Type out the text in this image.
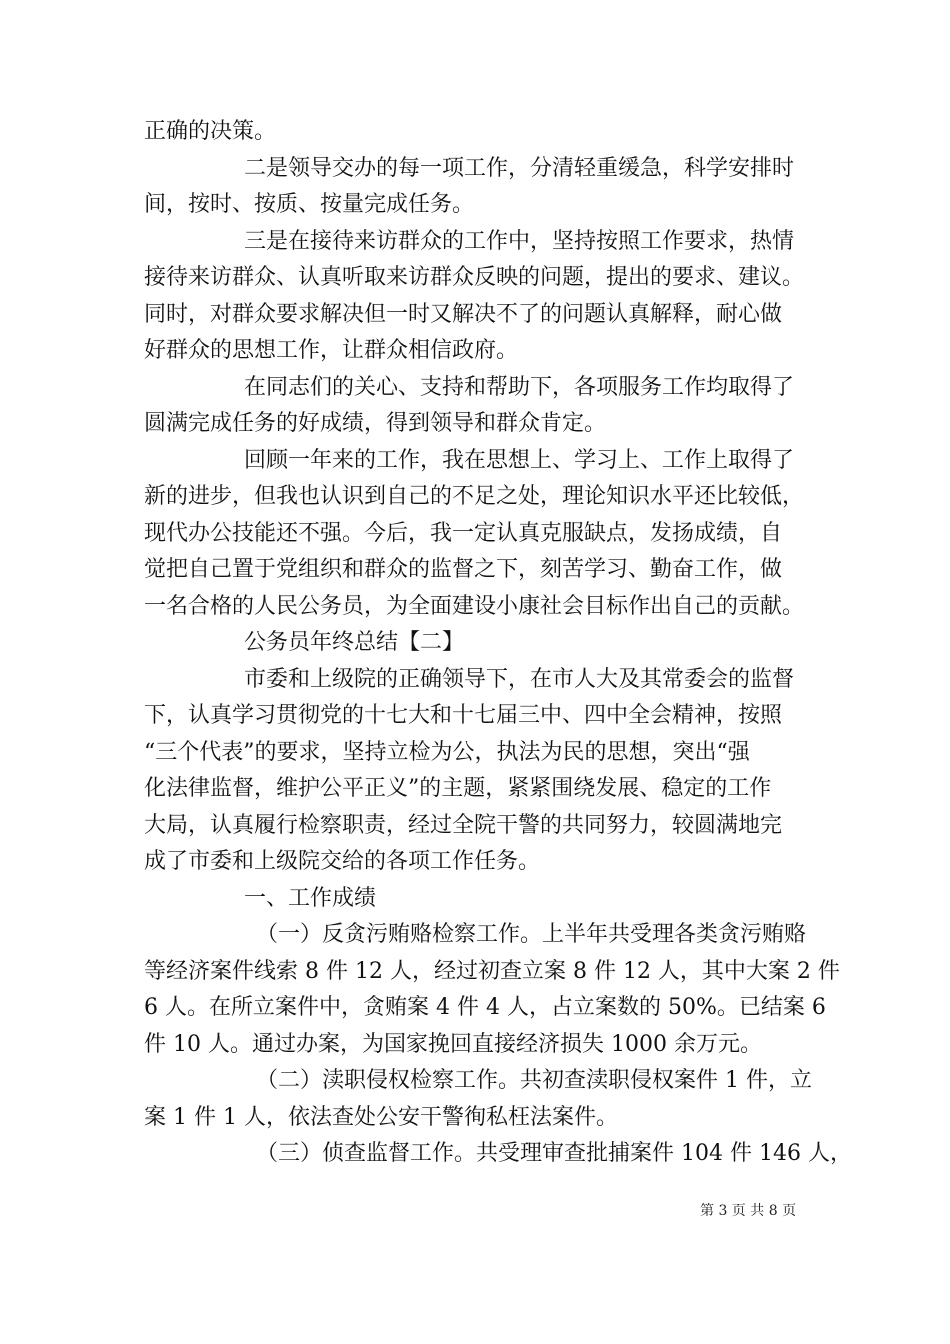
正确的决策。
二是领导交办的每一项工作，分清轻重缓急，科学安排时
间，按时、按质、按量完成任务。
三是在接待来访群众的工作中，坚持按照工作要求，热情
接待来访群众、认真听取来访群众反映的问题，提出的要求、建议。
同时，对群众要求解决但一时又解决不了的问题认真解释，耐心做
好群众的思想工作，让群众相信政府。
在同志们的关心、支持和帮助下，各项服务工作均取得了
圆满完成任务的好成绩，得到领导和群众肯定。
回顾一年来的工作，我在思想上、学习上、工作上取得了
新的进步，但我也认识到自己的不足之处，理论知识水平还比较低，
现代办公技能还不强。今后，我一定认真克服缺点，发扬成绩，自
觉把自己置于党组织和群众的监督之下，刻苦学习、勤奋工作，做
一名合格的人民公务员，为全面建设小康社会目标作出自己的贡献。
公务员年终总结【二】
市委和上级院的正确领导下，在市人大及其常委会的监督
下，认真学习贯彻党的十七大和十七届三中、四中全会精神，按照
“三个代表”的要求，坚持立检为公，执法为民的思想，突出“强
化法律监督，维护公平正义”的主题，紧紧围绕发展、稳定的工作
大局，认真履行检察职责，经过全院干警的共同努力，较圆满地完
成了市委和上级院交给的各项工作任务。
一、工作成绩
（一）反贪污贿赂检察工作。上半年共受理各类贪污贿赂
等经济案件线索 8 件 12 人，经过初查立案 8 件 12 人，其中大案 2 件
6 人。在所立案件中，贪贿案 4 件 4 人，占立案数的 50%。已结案 6
件 10 人。通过办案，为国家挽回直接经济损失 1000 余万元。
（二）渎职侵权检察工作。共初查渎职侵权案件 1 件，立
案 1 件 1 人，依法查处公安干警徇私枉法案件。
（三）侦查监督工作。共受理审查批捕案件 104 件 146 人，
第 3 页 共 8 页
